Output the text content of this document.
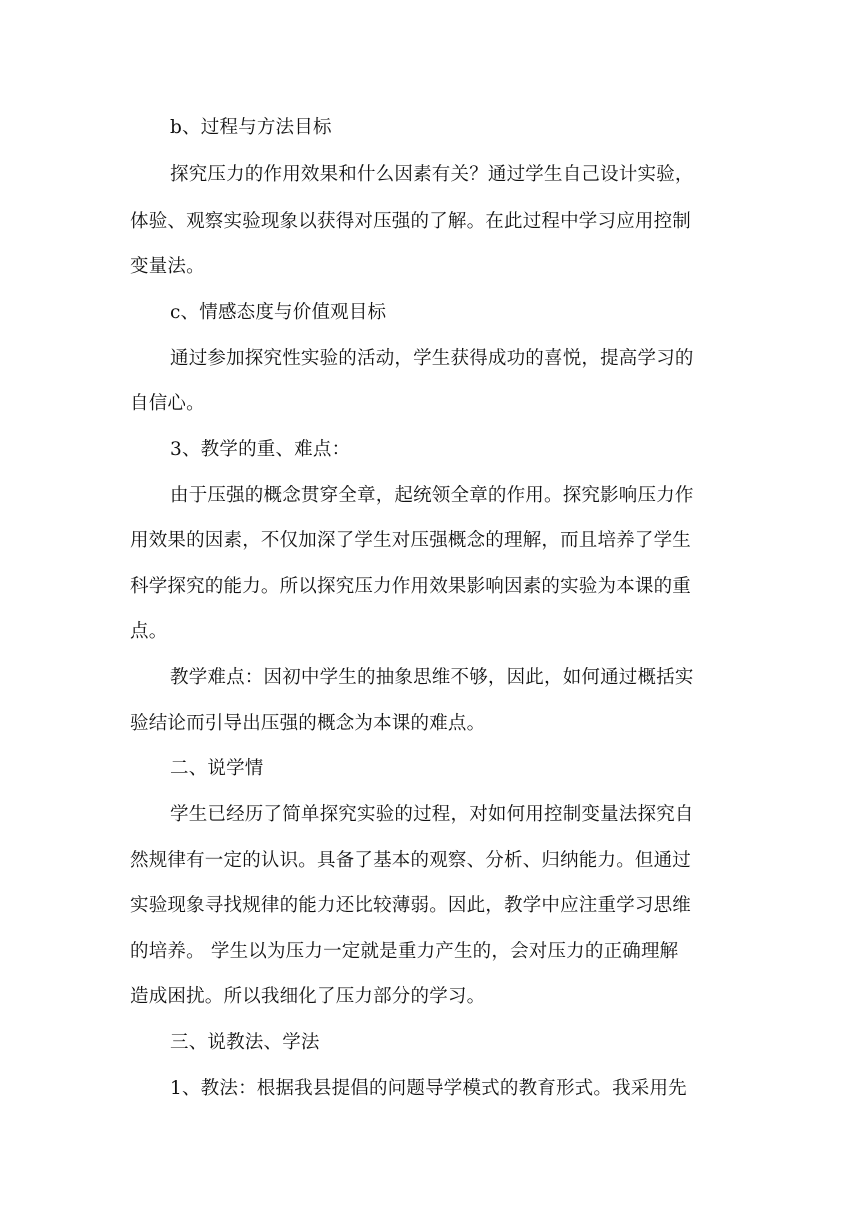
b、过程与方法目标
探究压力的作用效果和什么因素有关？通过学生自己设计实验，
体验、观察实验现象以获得对压强的了解。在此过程中学习应用控制
变量法。
c、情感态度与价值观目标
通过参加探究性实验的活动，学生获得成功的喜悦，提高学习的
自信心。
3、教学的重、难点：
由于压强的概念贯穿全章，起统领全章的作用。探究影响压力作
用效果的因素，不仅加深了学生对压强概念的理解，而且培养了学生
科学探究的能力。所以探究压力作用效果影响因素的实验为本课的重
点。
教学难点：因初中学生的抽象思维不够，因此，如何通过概括实
验结论而引导出压强的概念为本课的难点。
二、说学情
学生已经历了简单探究实验的过程，对如何用控制变量法探究自
然规律有一定的认识。具备了基本的观察、分析、归纳能力。但通过
实验现象寻找规律的能力还比较薄弱。因此，教学中应注重学习思维
的培养。 学生以为压力一定就是重力产生的，会对压力的正确理解
造成困扰。所以我细化了压力部分的学习。
三、说教法、学法
1、教法：根据我县提倡的问题导学模式的教育形式。我采用先
